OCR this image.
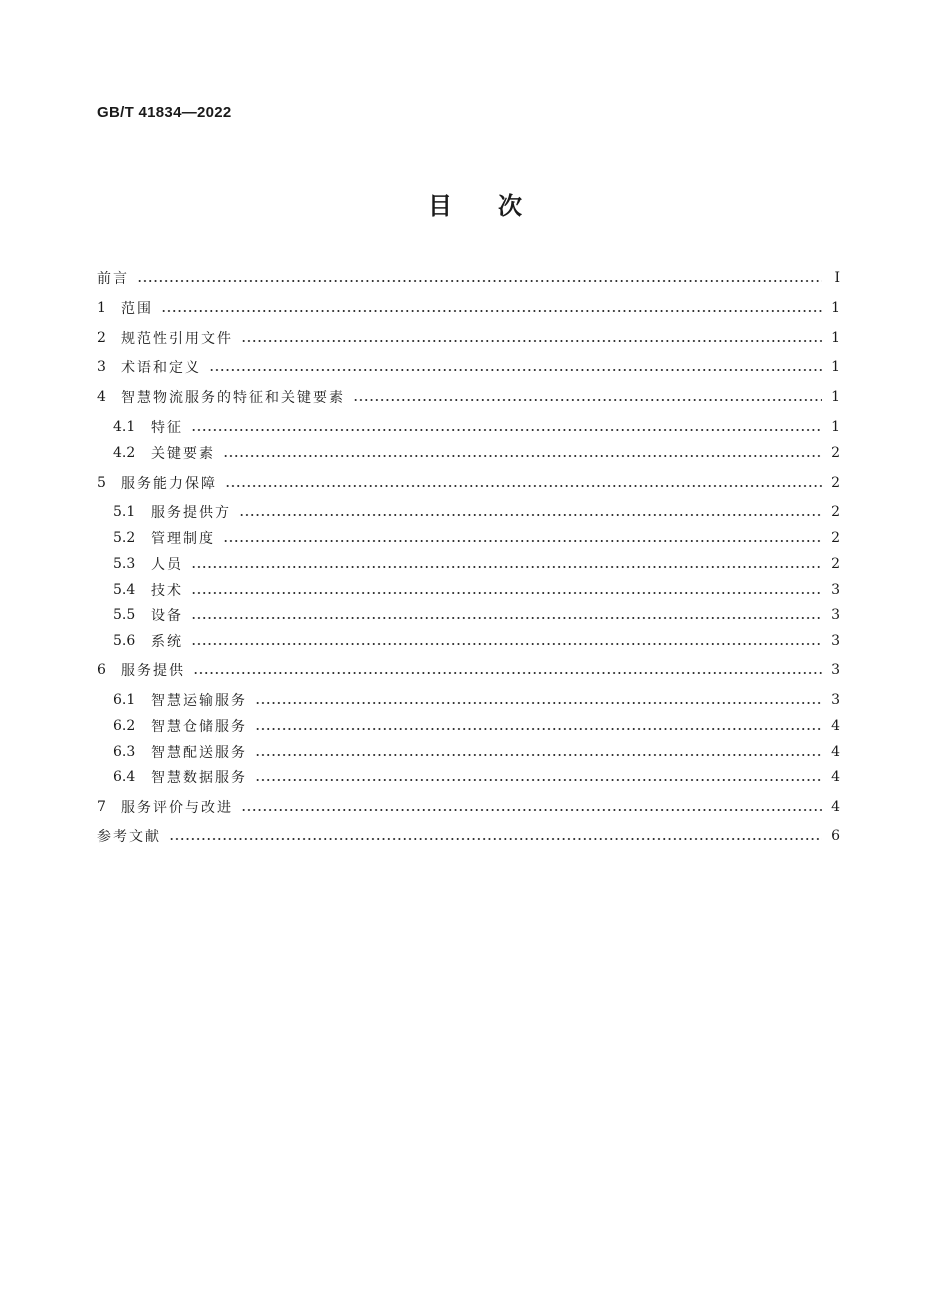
GB/T 41834—2022
目次
前言	Ⅰ
1	范围	1
2	规范性引用文件	1
3	术语和定义	1
4	智慧物流服务的特征和关键要素	1
4.1	特征	1
4.2	关键要素	2
5	服务能力保障	2
5.1	服务提供方	2
5.2	管理制度	2
5.3	人员	2
5.4	技术	3
5.5	设备	3
5.6	系统	3
6	服务提供	3
6.1	智慧运输服务	3
6.2	智慧仓储服务	4
6.3	智慧配送服务	4
6.4	智慧数据服务	4
7	服务评价与改进	4
参考文献	6
